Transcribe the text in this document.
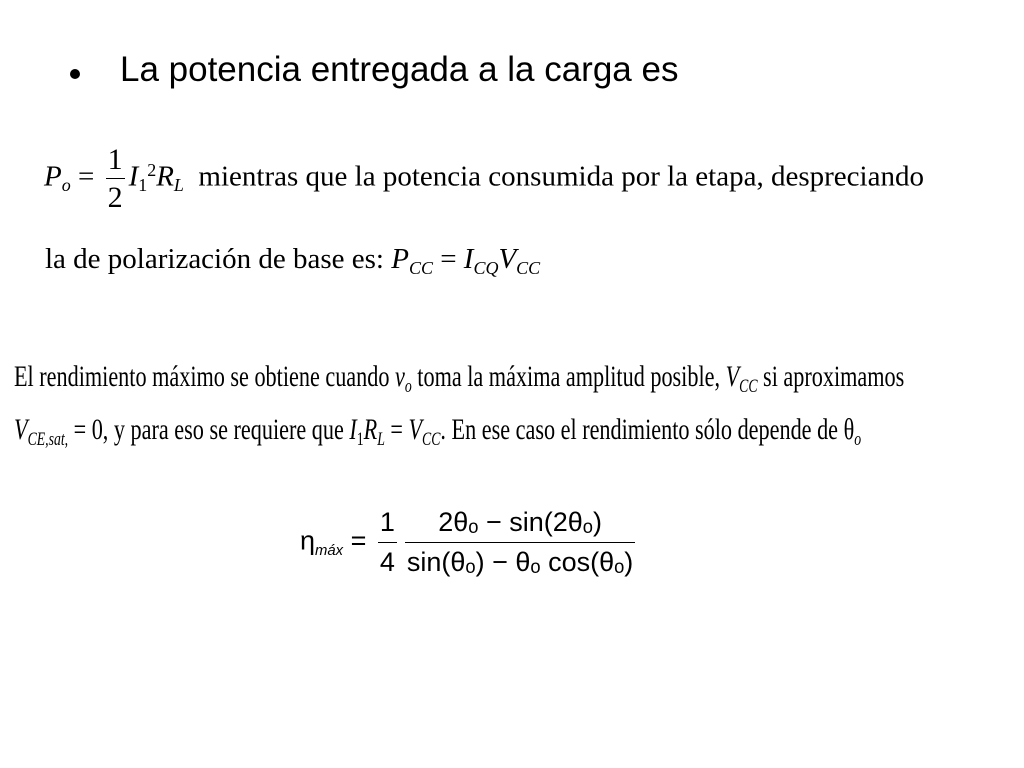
La potencia entregada a la carga es
$P_o = \frac{1}{2} I_1^2R_L$ mientras que la potencia consumida por la etapa, despreciando
la de polarización de base es: $P_{CC} = I_{CQ}V_{CC}$
El rendimiento máximo se obtiene cuando $v_o$ toma la máxima amplitud posible, $V_{CC}$ si aproximamos
$V_{CE,sat,} = 0$, y para eso se requiere que $I_1R_L = V_{CC}$. En ese caso el rendimiento sólo depende de $\theta_o$
ηmáx = $\frac{1}{4} \frac{\text{2θₒ − sin(2θₒ)}}{\text{sin(θₒ) − θₒ cos(θₒ)}}$
